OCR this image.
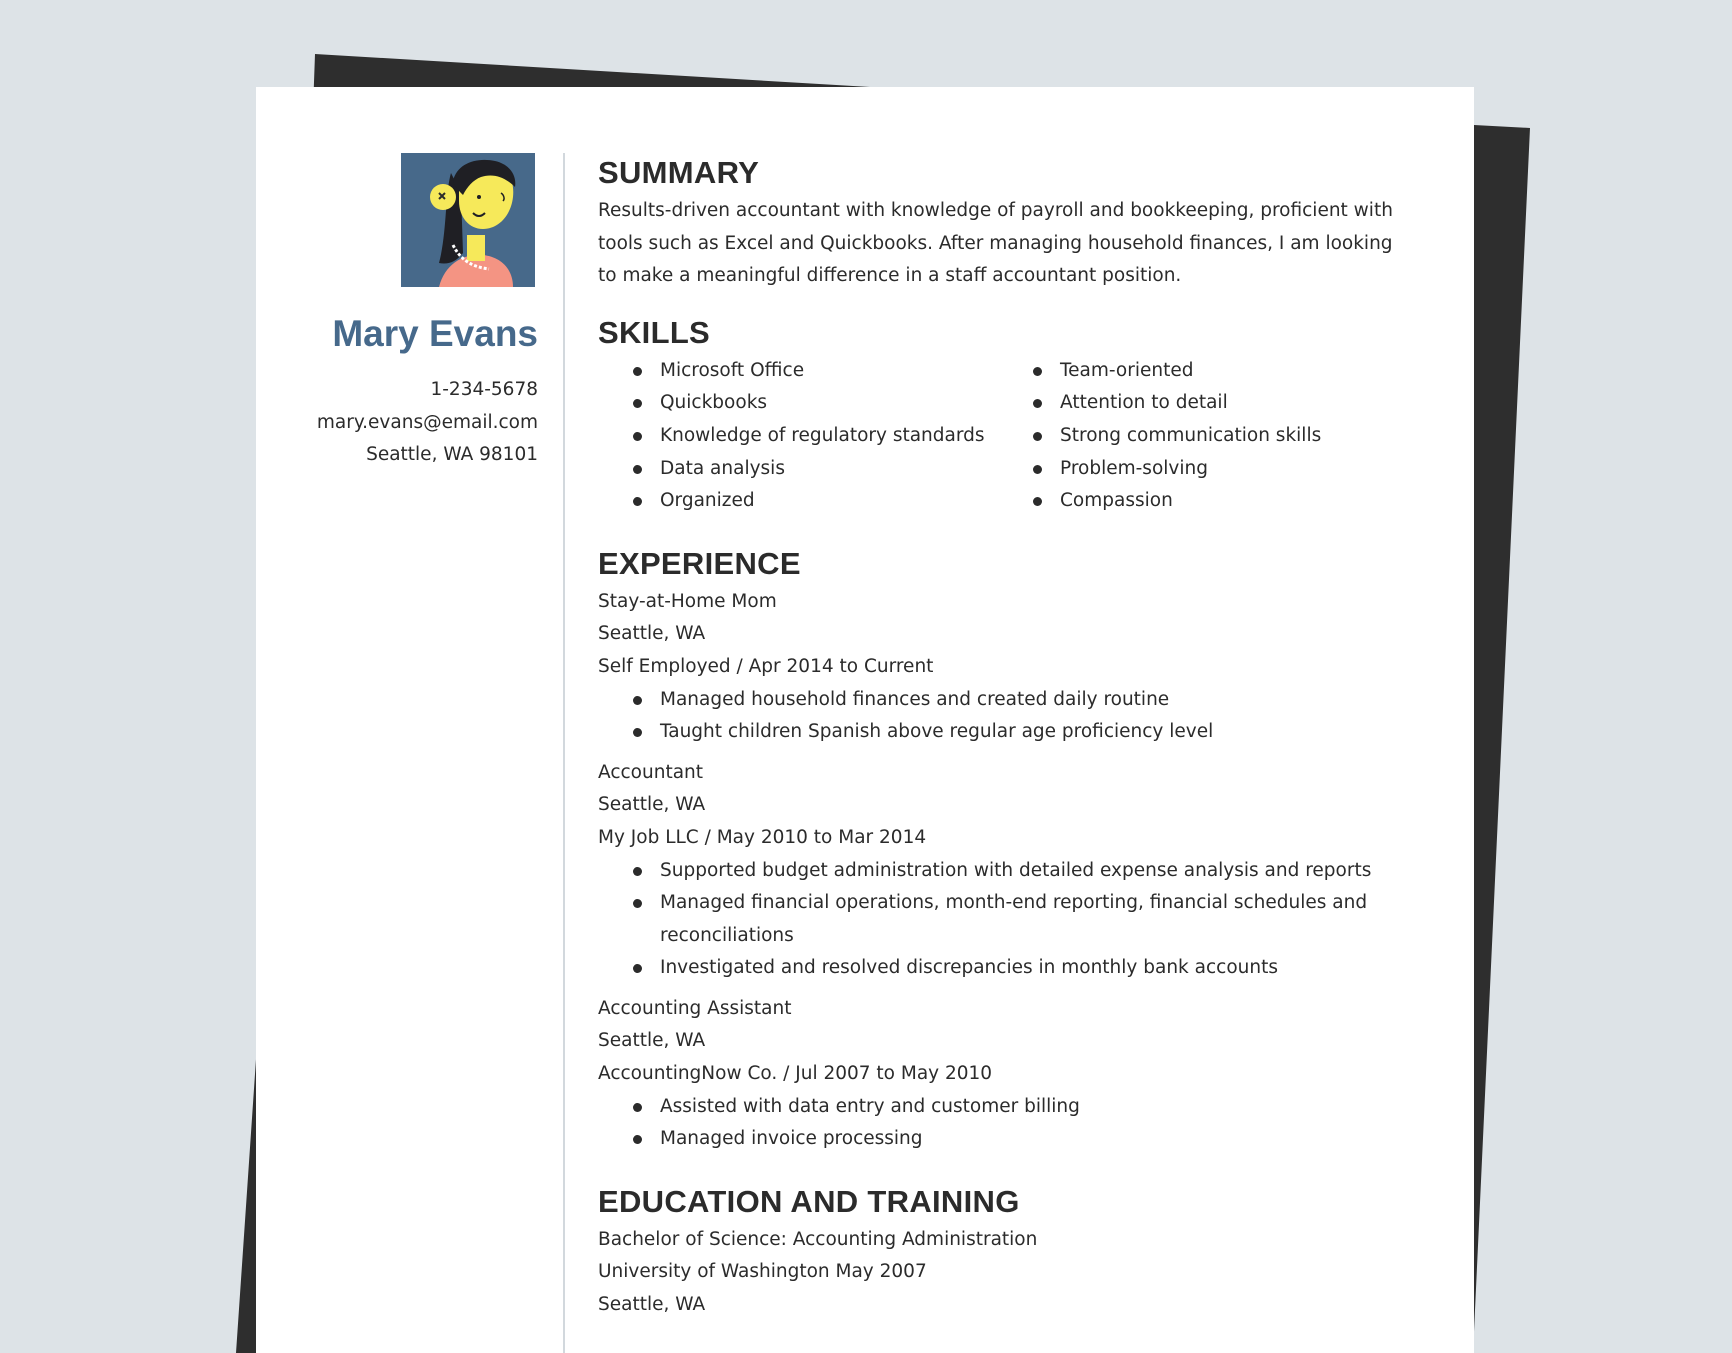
Mary Evans
1-234-5678
mary.evans@email.com
Seattle, WA 98101
SUMMARY
Results-driven accountant with knowledge of payroll and bookkeeping, proficient with tools such as Excel and Quickbooks. After managing household finances, I am looking to make a meaningful difference in a staff accountant position.
SKILLS
Microsoft Office
Quickbooks
Knowledge of regulatory standards
Data analysis
Organized
Team-oriented
Attention to detail
Strong communication skills
Problem-solving
Compassion
EXPERIENCE
Stay-at-Home Mom
Seattle, WA
Self Employed / Apr 2014 to Current
Managed household finances and created daily routine
Taught children Spanish above regular age proficiency level
Accountant
Seattle, WA
My Job LLC / May 2010 to Mar 2014
Supported budget administration with detailed expense analysis and reports
Managed financial operations, month-end reporting, financial schedules and reconciliations
Investigated and resolved discrepancies in monthly bank accounts
Accounting Assistant
Seattle, WA
AccountingNow Co. / Jul 2007 to May 2010
Assisted with data entry and customer billing
Managed invoice processing
EDUCATION AND TRAINING
Bachelor of Science: Accounting Administration
University of Washington May 2007
Seattle, WA
